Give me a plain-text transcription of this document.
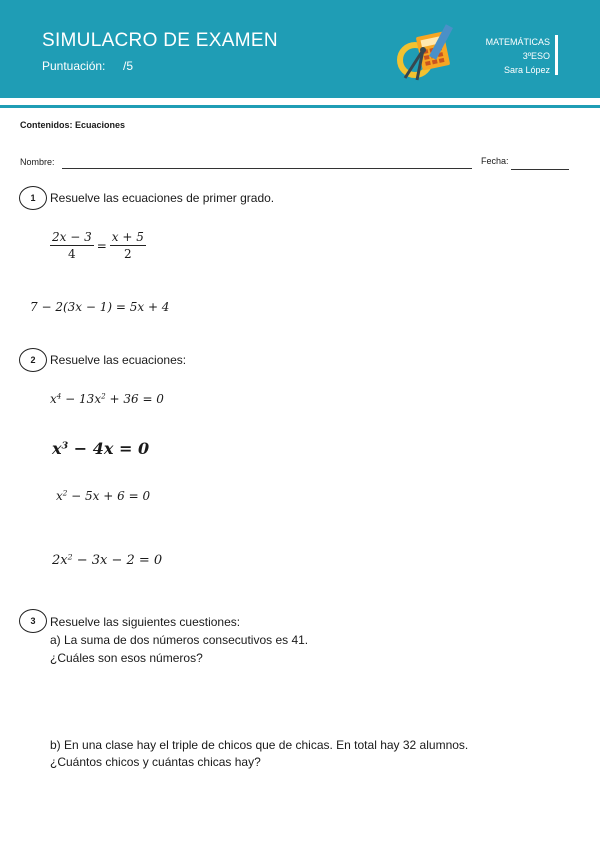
SIMULACRO DE EXAMEN
Puntuación: /5
MATEMÁTICAS
3ºESO
Sara López
Contenidos: Ecuaciones
Nombre:	Fecha:
1	Resuelve las ecuaciones de primer grado.
$\frac{2x - 3}{4} = \frac{x + 5}{2}$
7 − 2(3x − 1) = 5x + 4
2	Resuelve las ecuaciones:
$x^4 - 13x^2 + 36 = 0$
$x^3 - 4x = 0$
$x^2 - 5x + 6 = 0$
$2x^2 - 3x - 2 = 0$
3	Resuelve las siguientes cuestiones:
a) La suma de dos números consecutivos es 41.
¿Cuáles son esos números?
b) En una clase hay el triple de chicos que de chicas. En total hay 32 alumnos.
¿Cuántos chicos y cuántas chicas hay?
